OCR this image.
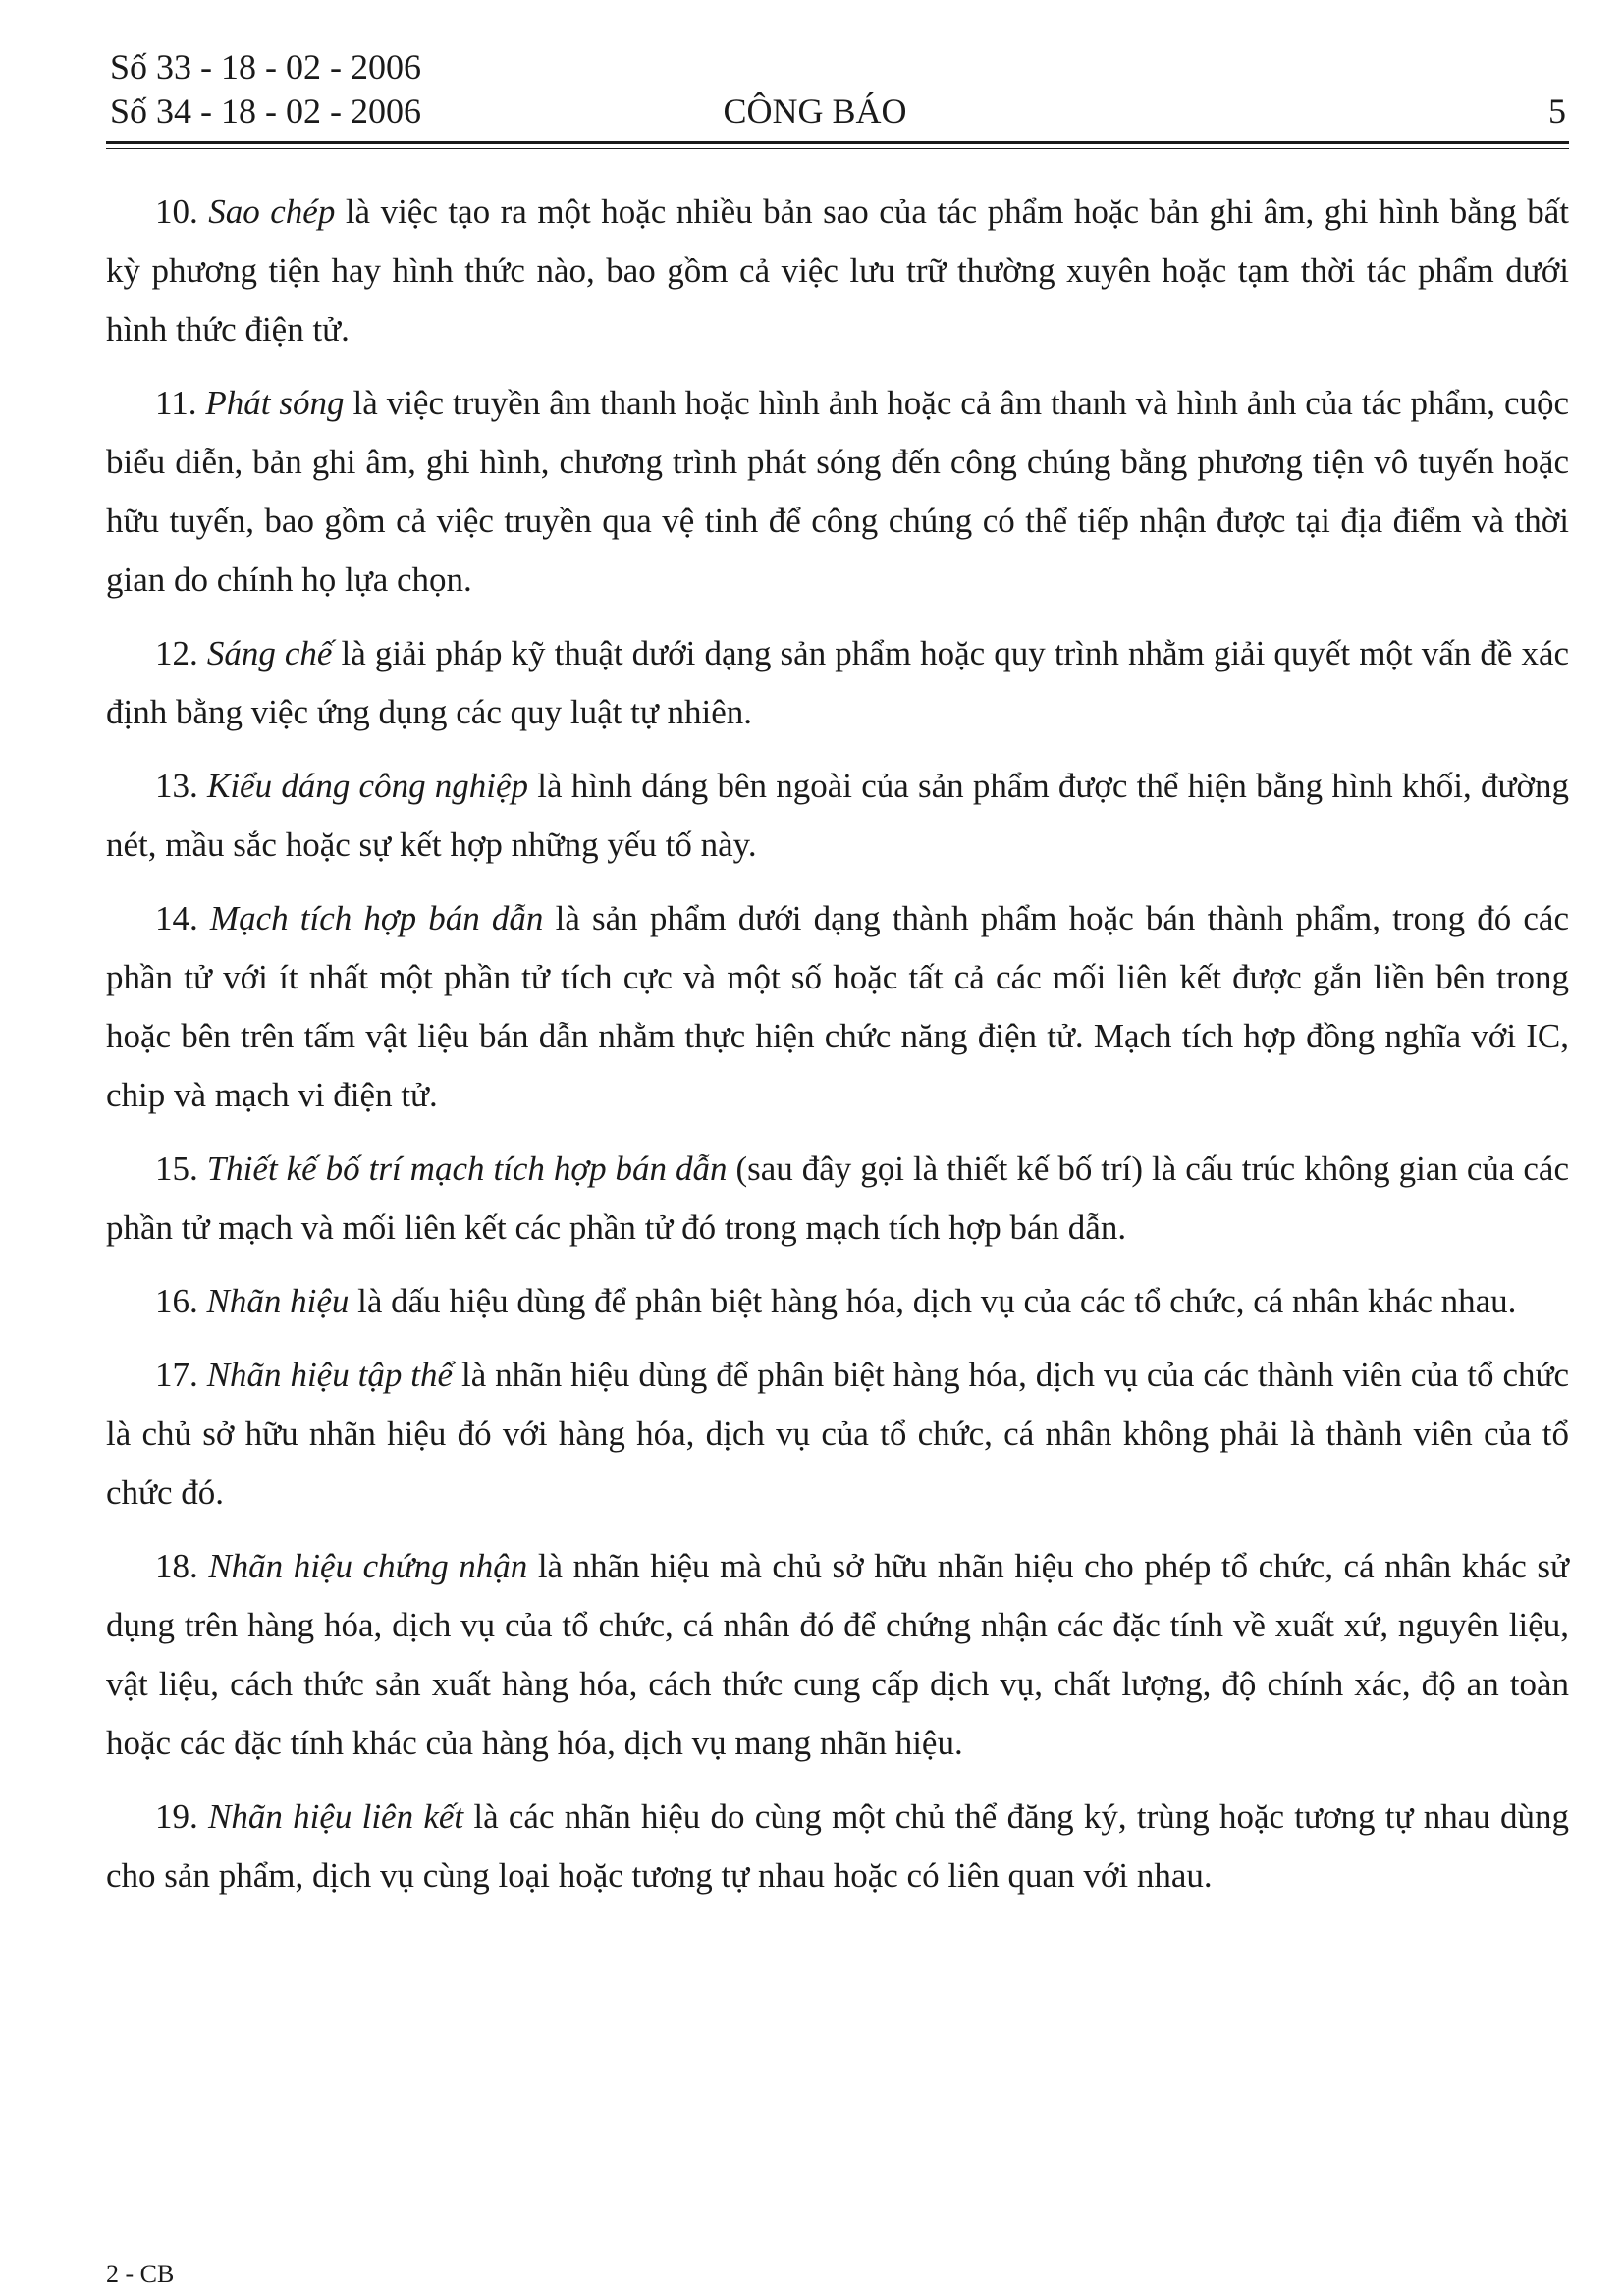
Số 33 - 18 - 02 - 2006
Số 34 - 18 - 02 - 2006	CÔNG BÁO	5

10. Sao chép là việc tạo ra một hoặc nhiều bản sao của tác phẩm hoặc bản ghi âm, ghi hình bằng bất kỳ phương tiện hay hình thức nào, bao gồm cả việc lưu trữ thường xuyên hoặc tạm thời tác phẩm dưới hình thức điện tử.

11. Phát sóng là việc truyền âm thanh hoặc hình ảnh hoặc cả âm thanh và hình ảnh của tác phẩm, cuộc biểu diễn, bản ghi âm, ghi hình, chương trình phát sóng đến công chúng bằng phương tiện vô tuyến hoặc hữu tuyến, bao gồm cả việc truyền qua vệ tinh để công chúng có thể tiếp nhận được tại địa điểm và thời gian do chính họ lựa chọn.

12. Sáng chế là giải pháp kỹ thuật dưới dạng sản phẩm hoặc quy trình nhằm giải quyết một vấn đề xác định bằng việc ứng dụng các quy luật tự nhiên.

13. Kiểu dáng công nghiệp là hình dáng bên ngoài của sản phẩm được thể hiện bằng hình khối, đường nét, mầu sắc hoặc sự kết hợp những yếu tố này.

14. Mạch tích hợp bán dẫn là sản phẩm dưới dạng thành phẩm hoặc bán thành phẩm, trong đó các phần tử với ít nhất một phần tử tích cực và một số hoặc tất cả các mối liên kết được gắn liền bên trong hoặc bên trên tấm vật liệu bán dẫn nhằm thực hiện chức năng điện tử. Mạch tích hợp đồng nghĩa với IC, chip và mạch vi điện tử.

15. Thiết kế bố trí mạch tích hợp bán dẫn (sau đây gọi là thiết kế bố trí) là cấu trúc không gian của các phần tử mạch và mối liên kết các phần tử đó trong mạch tích hợp bán dẫn.

16. Nhãn hiệu là dấu hiệu dùng để phân biệt hàng hóa, dịch vụ của các tổ chức, cá nhân khác nhau.

17. Nhãn hiệu tập thể là nhãn hiệu dùng để phân biệt hàng hóa, dịch vụ của các thành viên của tổ chức là chủ sở hữu nhãn hiệu đó với hàng hóa, dịch vụ của tổ chức, cá nhân không phải là thành viên của tổ chức đó.

18. Nhãn hiệu chứng nhận là nhãn hiệu mà chủ sở hữu nhãn hiệu cho phép tổ chức, cá nhân khác sử dụng trên hàng hóa, dịch vụ của tổ chức, cá nhân đó để chứng nhận các đặc tính về xuất xứ, nguyên liệu, vật liệu, cách thức sản xuất hàng hóa, cách thức cung cấp dịch vụ, chất lượng, độ chính xác, độ an toàn hoặc các đặc tính khác của hàng hóa, dịch vụ mang nhãn hiệu.

19. Nhãn hiệu liên kết là các nhãn hiệu do cùng một chủ thể đăng ký, trùng hoặc tương tự nhau dùng cho sản phẩm, dịch vụ cùng loại hoặc tương tự nhau hoặc có liên quan với nhau.

2 - CB
